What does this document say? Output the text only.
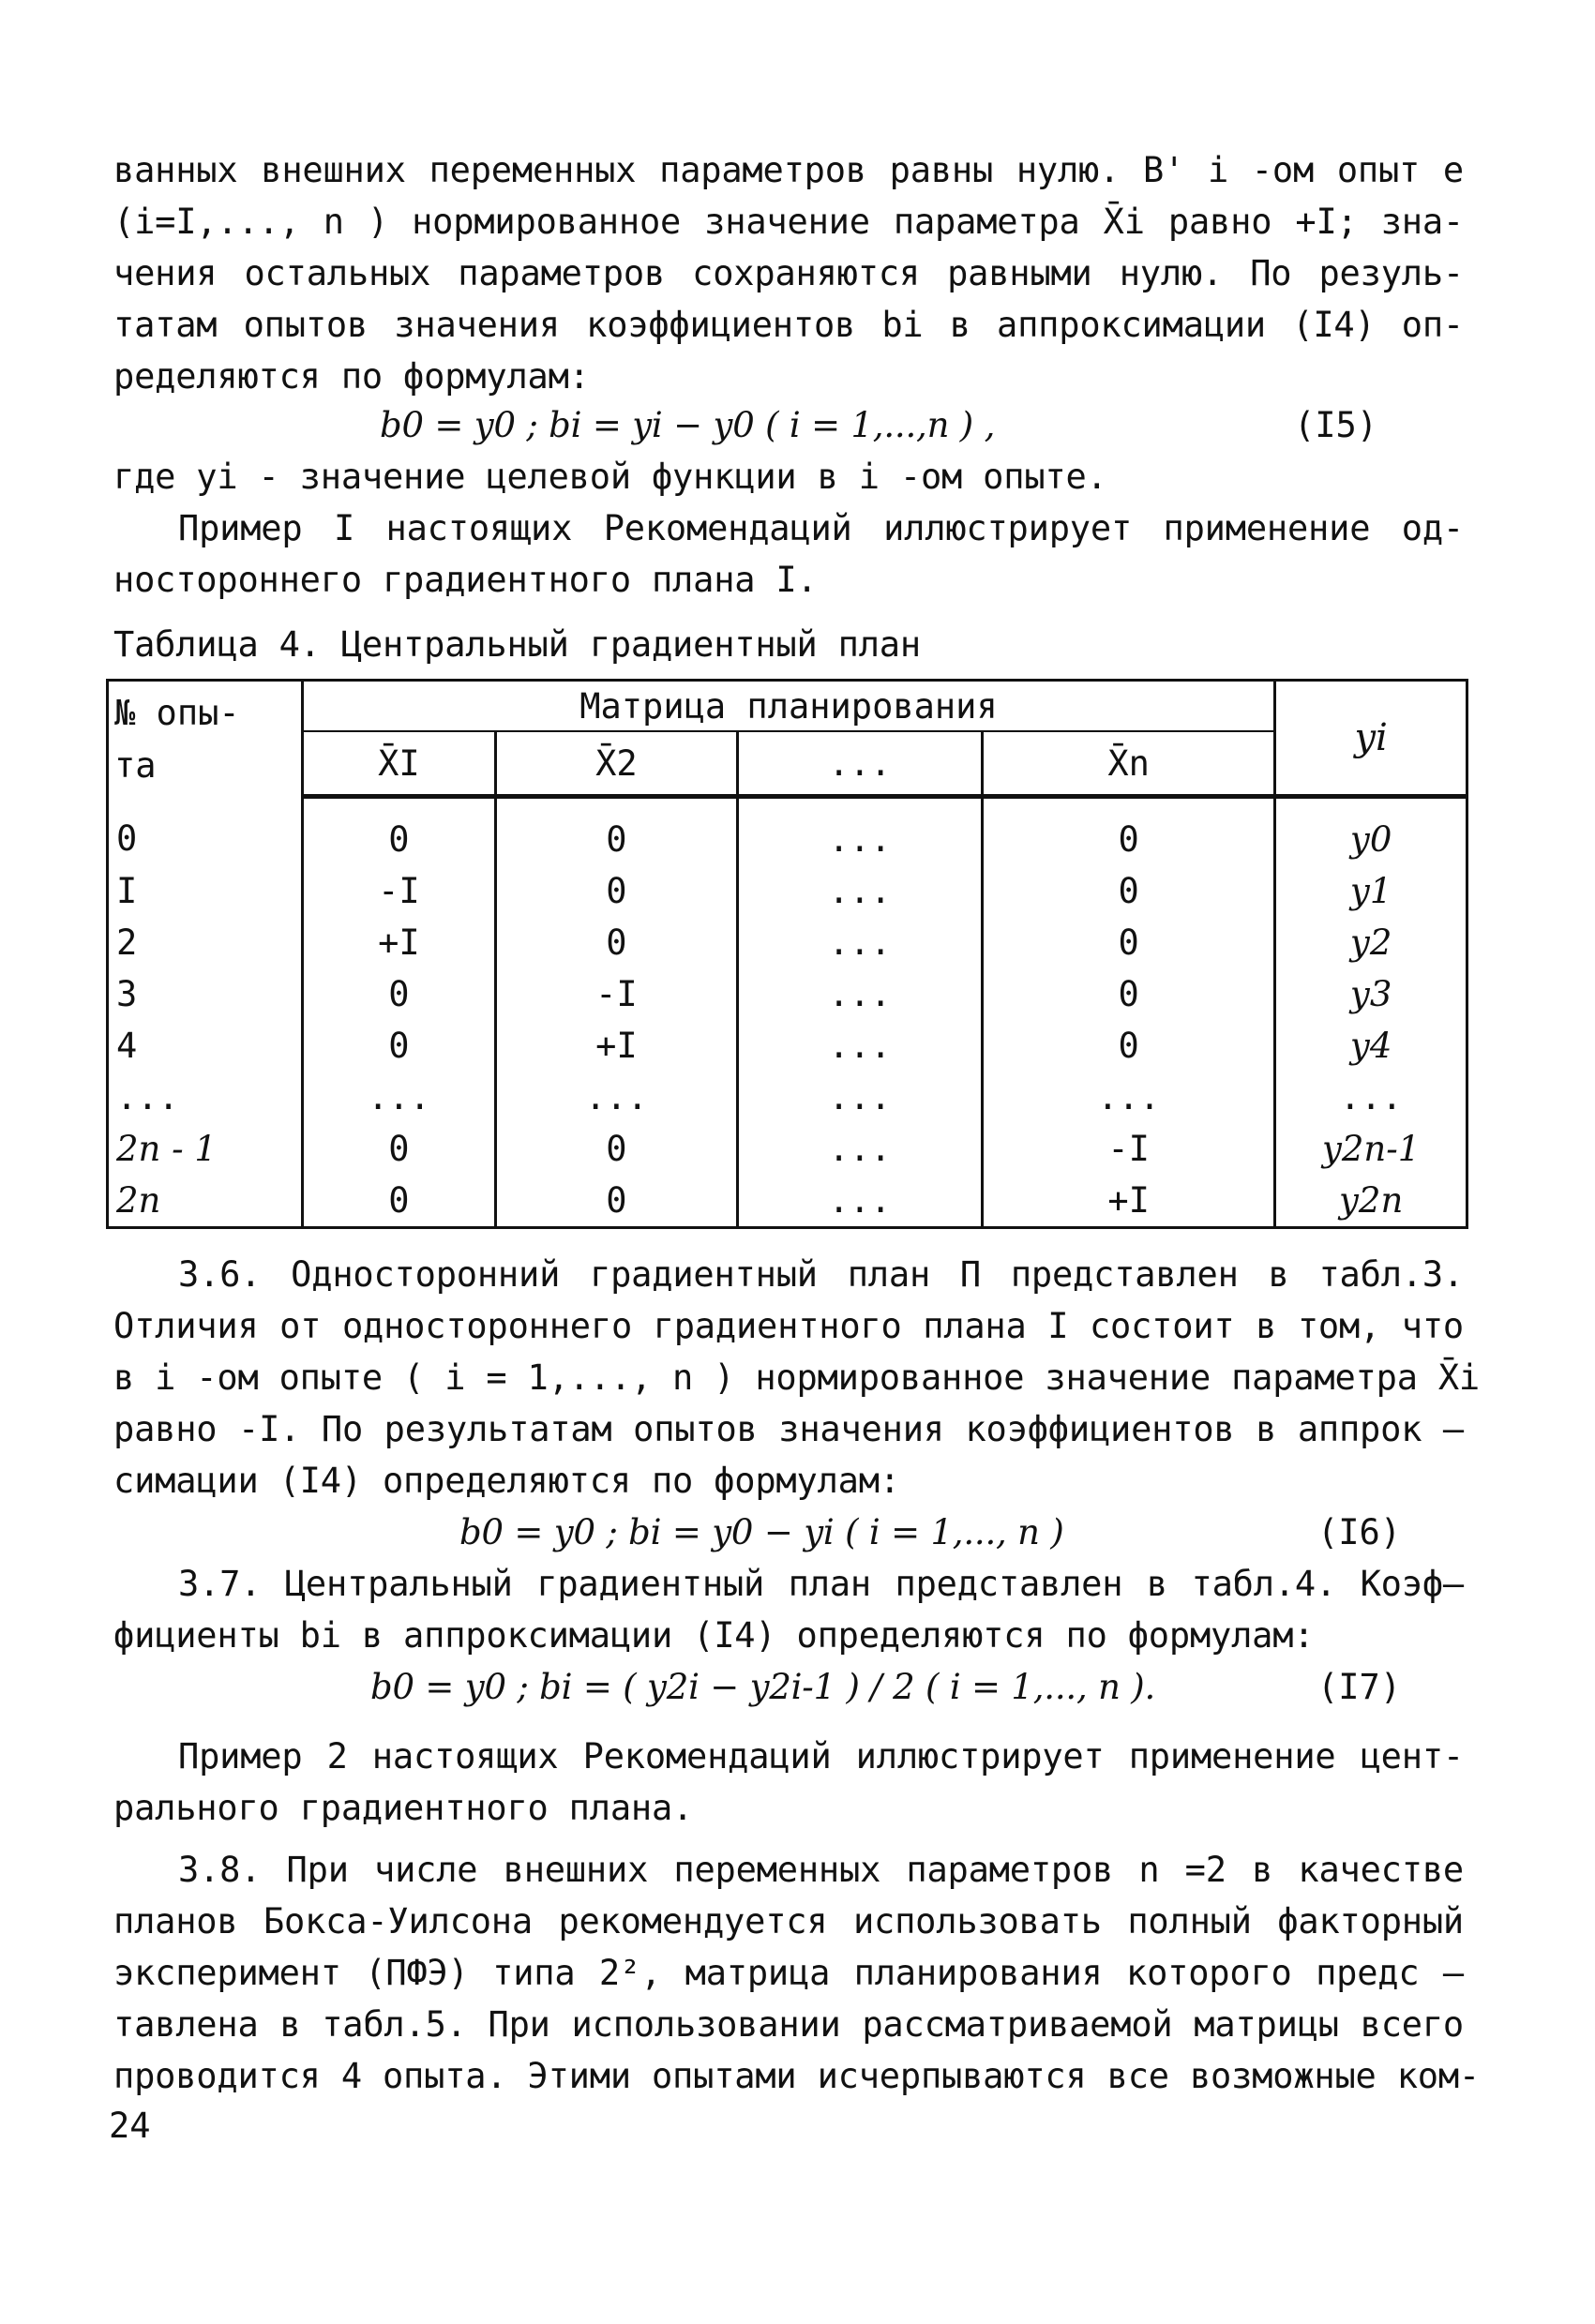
ванных внешних переменных параметров равны нулю. В' i -ом опыт е
(i=I,..., n ) нормированное значение параметра X̄i равно +I; зна-
чения остальных параметров сохраняются равными нулю. По резуль-
татам опытов значения коэффициентов bi в аппроксимации (I4) оп-
ределяются по формулам:
b0 = y0 ; bi = yi − y0 ( i = 1,...,n ) ,	(I5)
где yi - значение целевой функции в i -ом опыте.
Пример I настоящих Рекомендаций иллюстрирует применение од-
ностороннего градиентного плана I.
Таблица 4. Центральный градиентный план
№ опы-
та	Матрица планирования				yi
	X̄I	X̄2	...	X̄n	
0	0	0	...	0	y0
I	-I	0	...	0	y1
2	+I	0	...	0	y2
3	0	-I	...	0	y3
4	0	+I	...	0	y4
...	...	...	...	...	...
2n - 1	0	0	...	-I	y2n-1
2n	0	0	...	+I	y2n
3.6. Односторонний градиентный план П представлен в табл.3.
Отличия от одностороннего градиентного плана I состоит в том, что
в i -ом опыте ( i = 1,..., n ) нормированное значение параметра X̄i
равно -I. По результатам опытов значения коэффициентов в аппрок —
симации (I4) определяются по формулам:
b0 = y0 ; bi = y0 − yi ( i = 1,..., n )	(I6)
3.7. Центральный градиентный план представлен в табл.4. Коэф—
фициенты bi в аппроксимации (I4) определяются по формулам:
b0 = y0 ; bi = ( y2i − y2i-1 ) / 2 ( i = 1,..., n ).	(I7)
Пример 2 настоящих Рекомендаций иллюстрирует применение цент-
рального градиентного плана.
3.8. При числе внешних переменных параметров n =2 в качестве
планов Бокса-Уилсона рекомендуется использовать полный факторный
эксперимент (ПФЭ) типа 2², матрица планирования которого предс —
тавлена в табл.5. При использовании рассматриваемой матрицы всего
проводится 4 опыта. Этими опытами исчерпываются все возможные ком-
24
